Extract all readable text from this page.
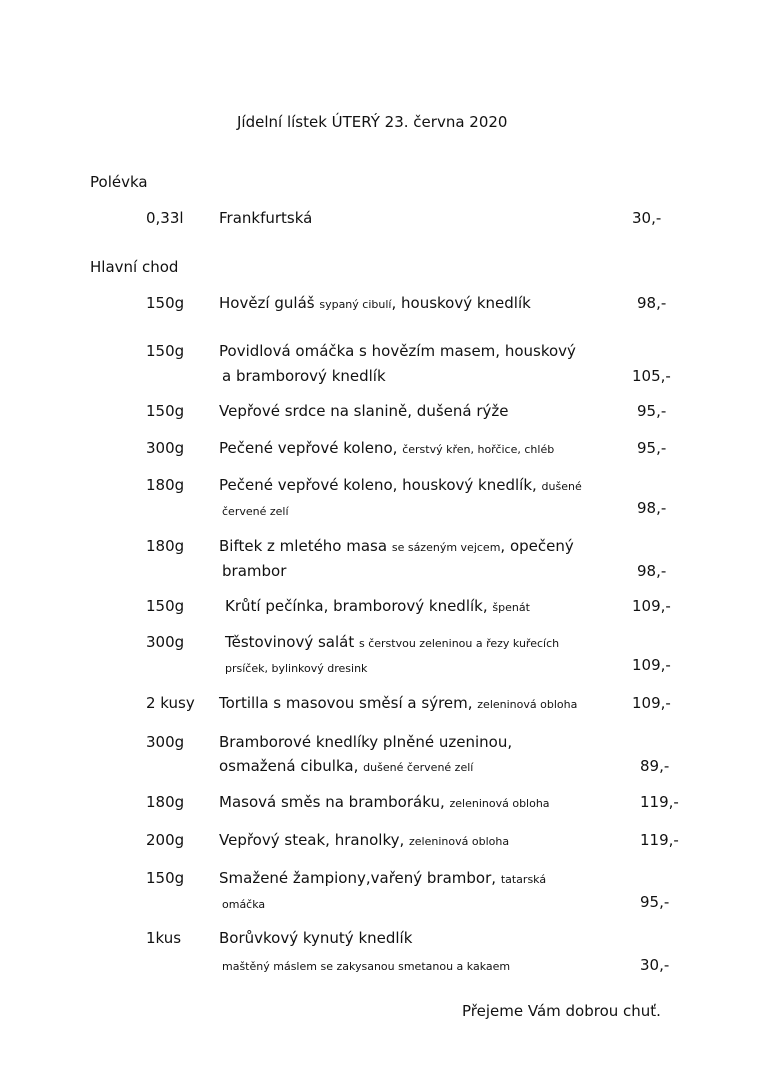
Jídelní lístek ÚTERÝ 23. června 2020
Polévka
Hlavní chod
0,33l Frankfurtská	30,-
150g Hovězí guláš sypaný cibulí, houskový knedlík	98,-
150g Povidlová omáčka s hovězím masem, houskový
a bramborový knedlík	105,-
150g Vepřové srdce na slanině, dušená rýže	95,-
300g Pečené vepřové koleno, čerstvý křen, hořčice, chléb	95,-
180g Pečené vepřové koleno, houskový knedlík, dušené
červené zelí	98,-
180g Biftek z mletého masa se sázeným vejcem, opečený
brambor	98,-
150g	Krůtí pečínka, bramborový knedlík, špenát	109,-
300g	Těstovinový salát s čerstvou zeleninou a řezy kuřecích
prsíček, bylinkový dresink	109,-
2 kusy Tortilla s masovou směsí a sýrem, zeleninová obloha	109,-
300g Bramborové knedlíky plněné uzeninou,
osmažená cibulka, dušené červené zelí	89,-
180g Masová směs na bramboráku, zeleninová obloha	119,-
200g Vepřový steak, hranolky, zeleninová obloha	119,-
150g Smažené žampiony,vařený brambor, tatarská
omáčka	95,-
1kus	Borůvkový kynutý knedlík
maštěný máslem se zakysanou smetanou a kakaem	30,-
Přejeme Vám dobrou chuť.
